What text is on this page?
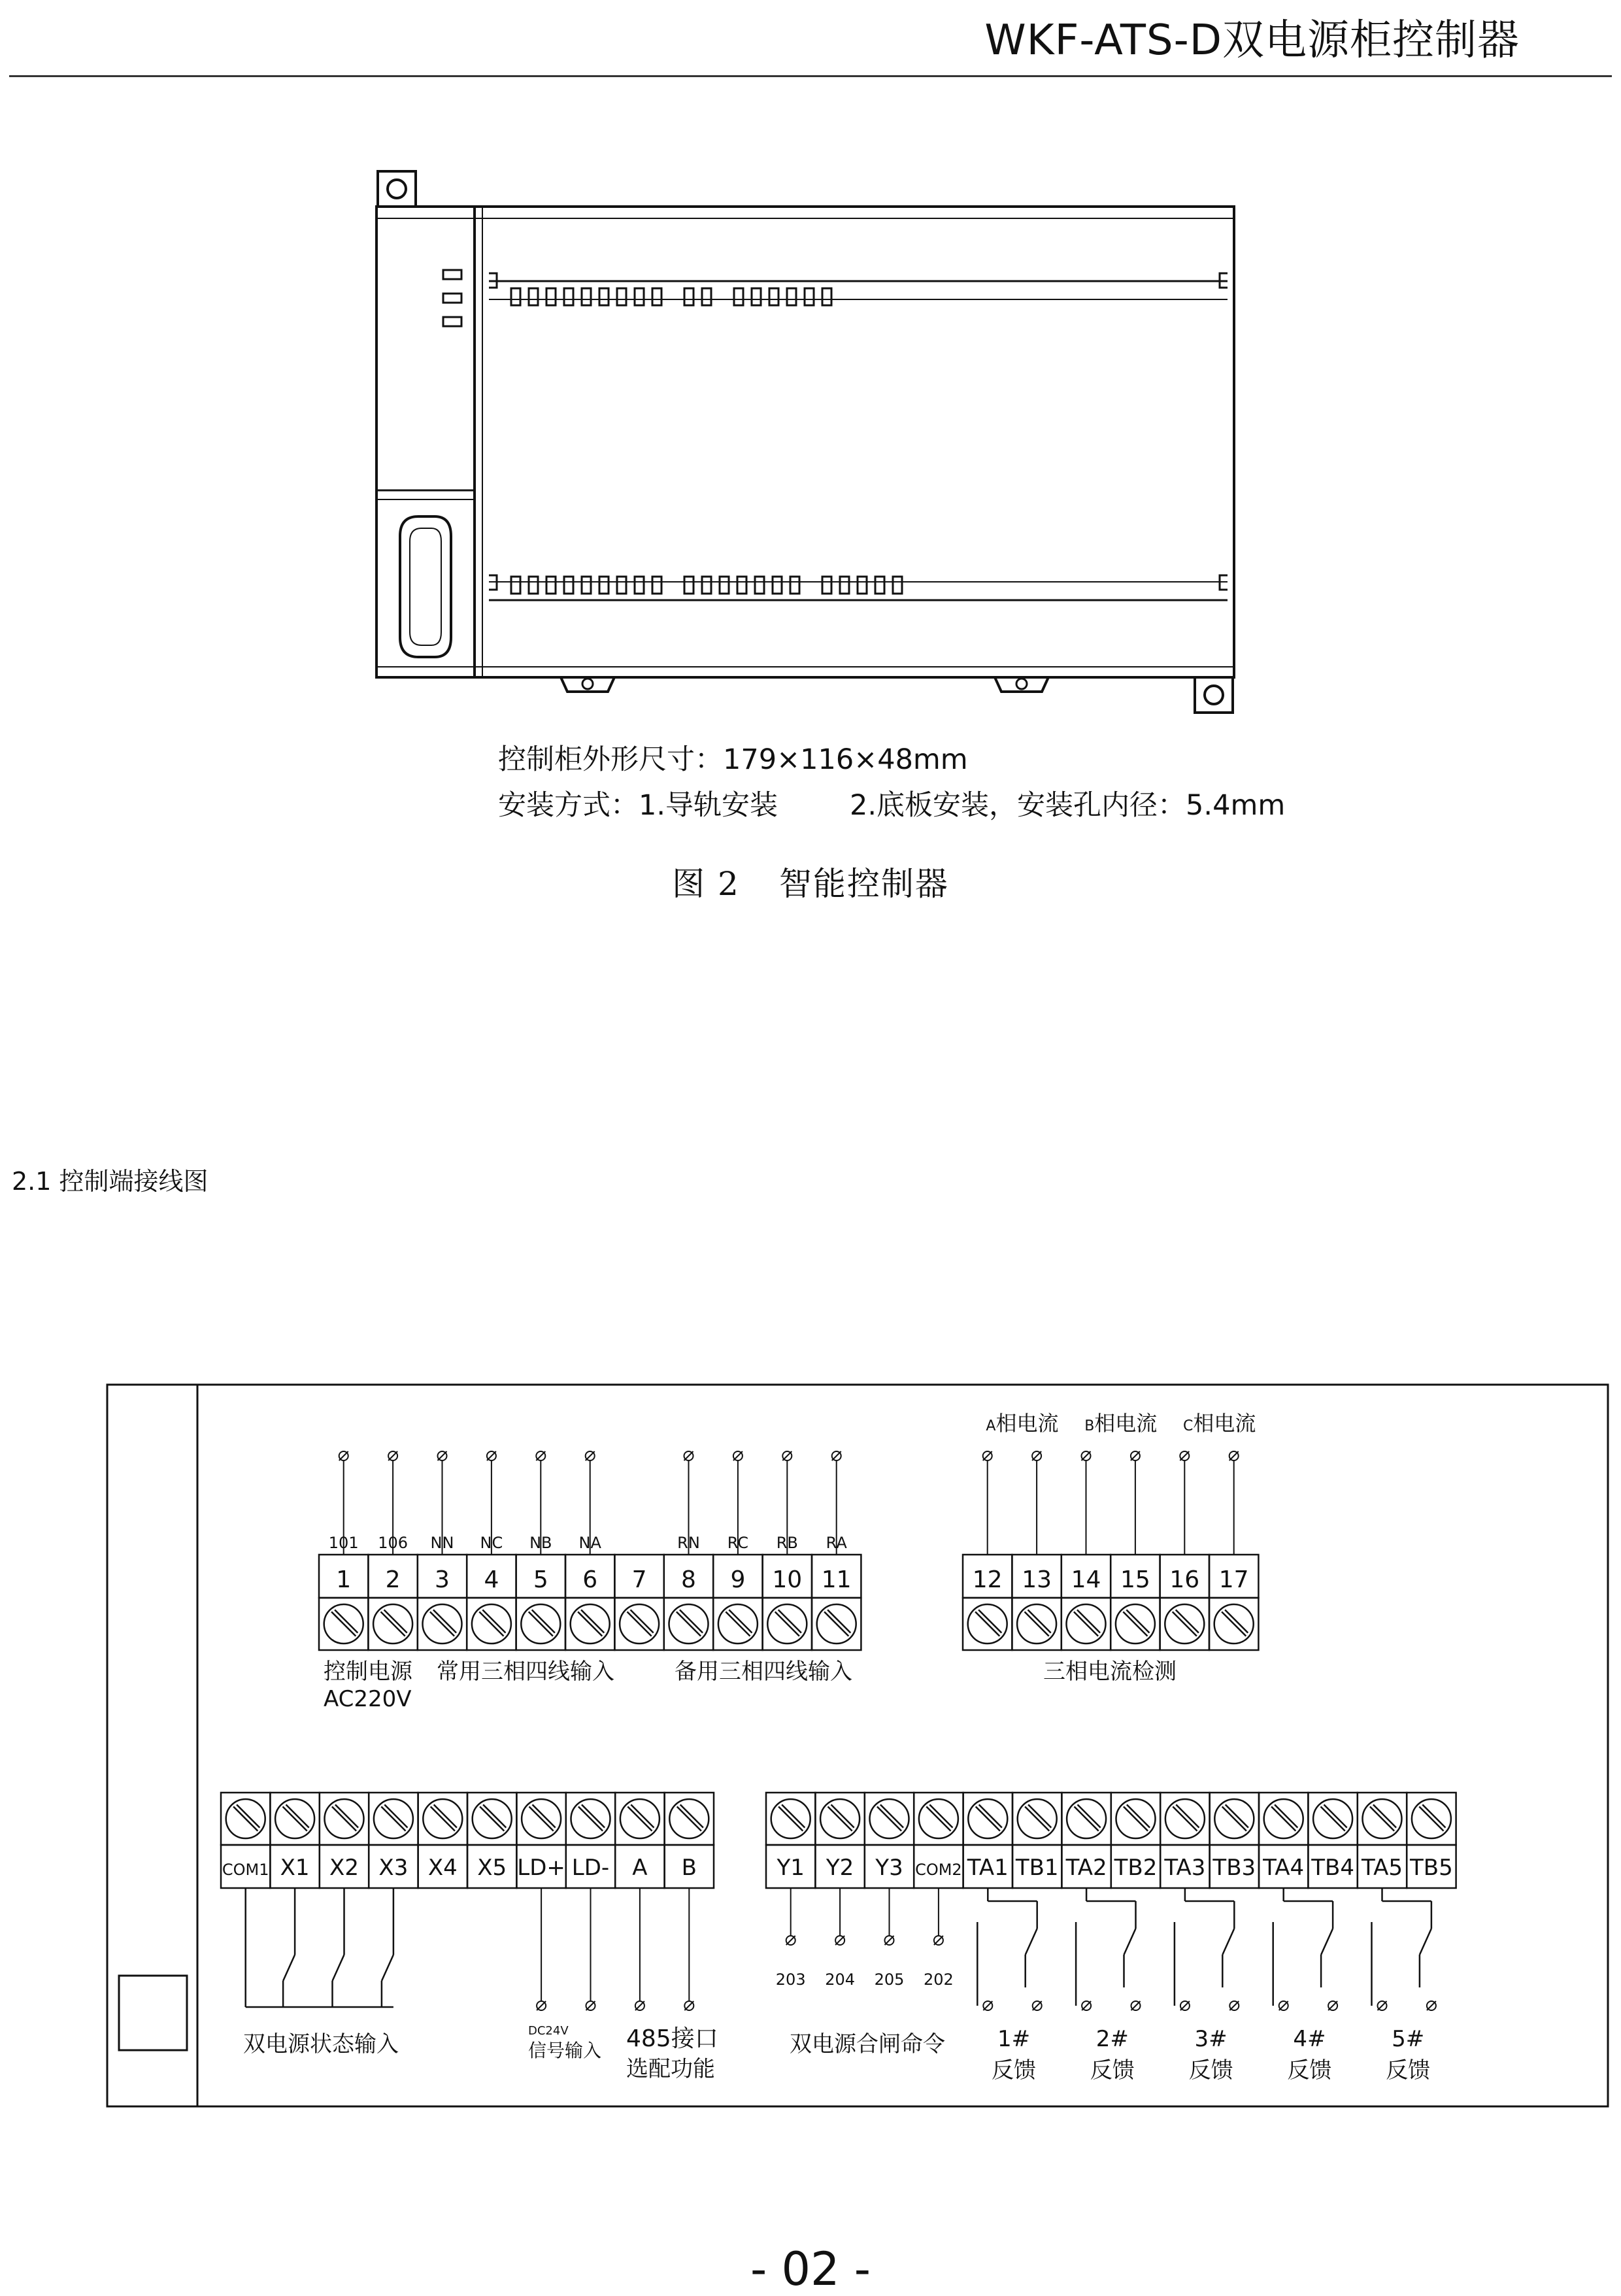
WKF-ATS-D双电源柜控制器
1
101
2
106
3
NN
4
NC
5
NB
6
NA
7 8
RN
9
RC
10
RB
11
RA
12 13 14 15 16 17
A相电流 B相电流 C相电流
控制电源
AC220V
常用三相四线输入	备用三相四线输入	三相电流检测
COM1 X1 X2 X3 X4 X5 LD+ LD- A B	Y1 Y2 Y3 COM2 TA1 TB1 TA2 TB2 TA3 TB3 TA4 TB4 TA5 TB5
203 204 205 202
1#
反馈
2#
反馈
3#
反馈
4#
反馈
5#
反馈
双电源状态输入
DC24V
信号输入 485接口
选配功能
双电源合闸命令
控制柜外形尺寸：179×116×48mm
安装方式：1.导轨安装	2.底板安装，安装孔内径：5.4mm
图 2 智能控制器
2.1 控制端接线图
- 02 -
